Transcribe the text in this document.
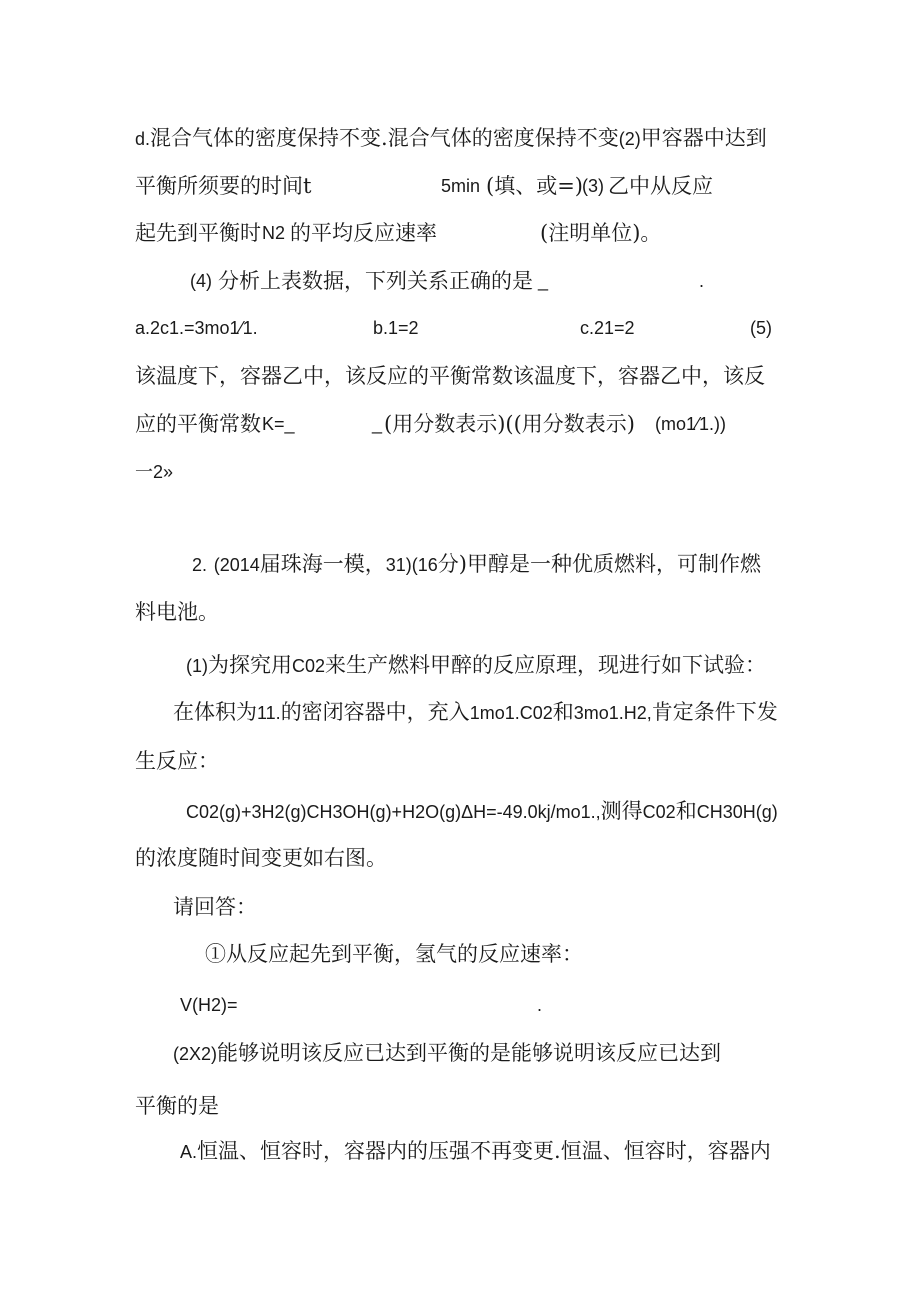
d.混合气体的密度保持不变.混合气体的密度保持不变(2)甲容器中达到
平衡所须要的时间t	5min (填、或=) (3) 乙中从反应
起先到平衡时 N2 的平均反应速率	(注明单位)。
(4) 分析上表数据，下列关系正确的是 _	.
a.2c1.=3mo1⁄1.	b.1=2	c.21=2	(5)
该温度下，容器乙中，该反应的平衡常数该温度下，容器乙中，该反
应的平衡常数 K=_	_ (用分数表示)((用分数表示) (mo1⁄1.))
一2»
2. (2014届珠海一模，31)(16分)甲醇是一种优质燃料，可制作燃
料电池。
(1)为探究用C02来生产燃料甲醉的反应原理，现进行如下试验：
在体积为11.的密闭容器中，充入1mo1.C02和3mo1.H2,肯定条件下发
生反应：
C02(g)+3H2(g)CH3OH(g)+H2O(g)ΔH=-49.0kj/mo1.,测得C02和CH30H(g)
的浓度随时间变更如右图。
请回答：
①从反应起先到平衡，氢气的反应速率：
V(H2)=	.
(2X2)能够说明该反应已达到平衡的是能够说明该反应已达到
平衡的是
A.恒温、恒容时，容器内的压强不再变更.恒温、恒容时，容器内
